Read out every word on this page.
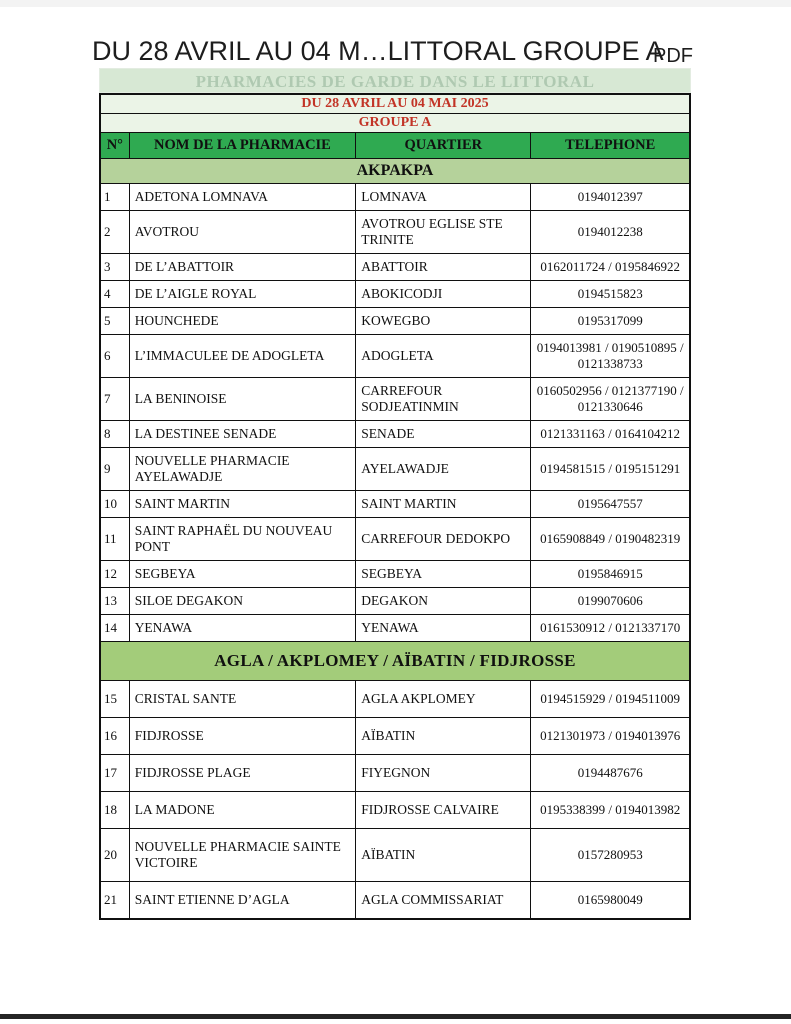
DU 28 AVRIL AU 04 M…LITTORAL GROUPE A
PDF
PHARMACIES DE GARDE DANS LE LITTORAL
DU 28 AVRIL AU 04 MAI 2025			
GROUPE A			
N°	NOM DE LA PHARMACIE	QUARTIER	TELEPHONE
AKPAKPA			
1	ADETONA LOMNAVA	LOMNAVA	0194012397
2	AVOTROU	AVOTROU EGLISE STE TRINITE	0194012238
3	DE L’ABATTOIR	ABATTOIR	0162011724 / 0195846922
4	DE L’AIGLE ROYAL	ABOKICODJI	0194515823
5	HOUNCHEDE	KOWEGBO	0195317099
6	L’IMMACULEE DE ADOGLETA	ADOGLETA	0194013981 / 0190510895 / 0121338733
7	LA BENINOISE	CARREFOUR SODJEATINMIN	0160502956 / 0121377190 / 0121330646
8	LA DESTINEE SENADE	SENADE	0121331163 / 0164104212
9	NOUVELLE PHARMACIE AYELAWADJE	AYELAWADJE	0194581515 / 0195151291
10	SAINT MARTIN	SAINT MARTIN	0195647557
11	SAINT RAPHAËL DU NOUVEAU PONT	CARREFOUR DEDOKPO	0165908849 / 0190482319
12	SEGBEYA	SEGBEYA	0195846915
13	SILOE DEGAKON	DEGAKON	0199070606
14	YENAWA	YENAWA	0161530912 / 0121337170
AGLA / AKPLOMEY / AÏBATIN / FIDJROSSE			
15	CRISTAL SANTE	AGLA AKPLOMEY	0194515929 / 0194511009
16	FIDJROSSE	AÏBATIN	0121301973 / 0194013976
17	FIDJROSSE PLAGE	FIYEGNON	0194487676
18	LA MADONE	FIDJROSSE CALVAIRE	0195338399 / 0194013982
20	NOUVELLE PHARMACIE SAINTE VICTOIRE	AÏBATIN	0157280953
21	SAINT ETIENNE D’AGLA	AGLA COMMISSARIAT	0165980049
